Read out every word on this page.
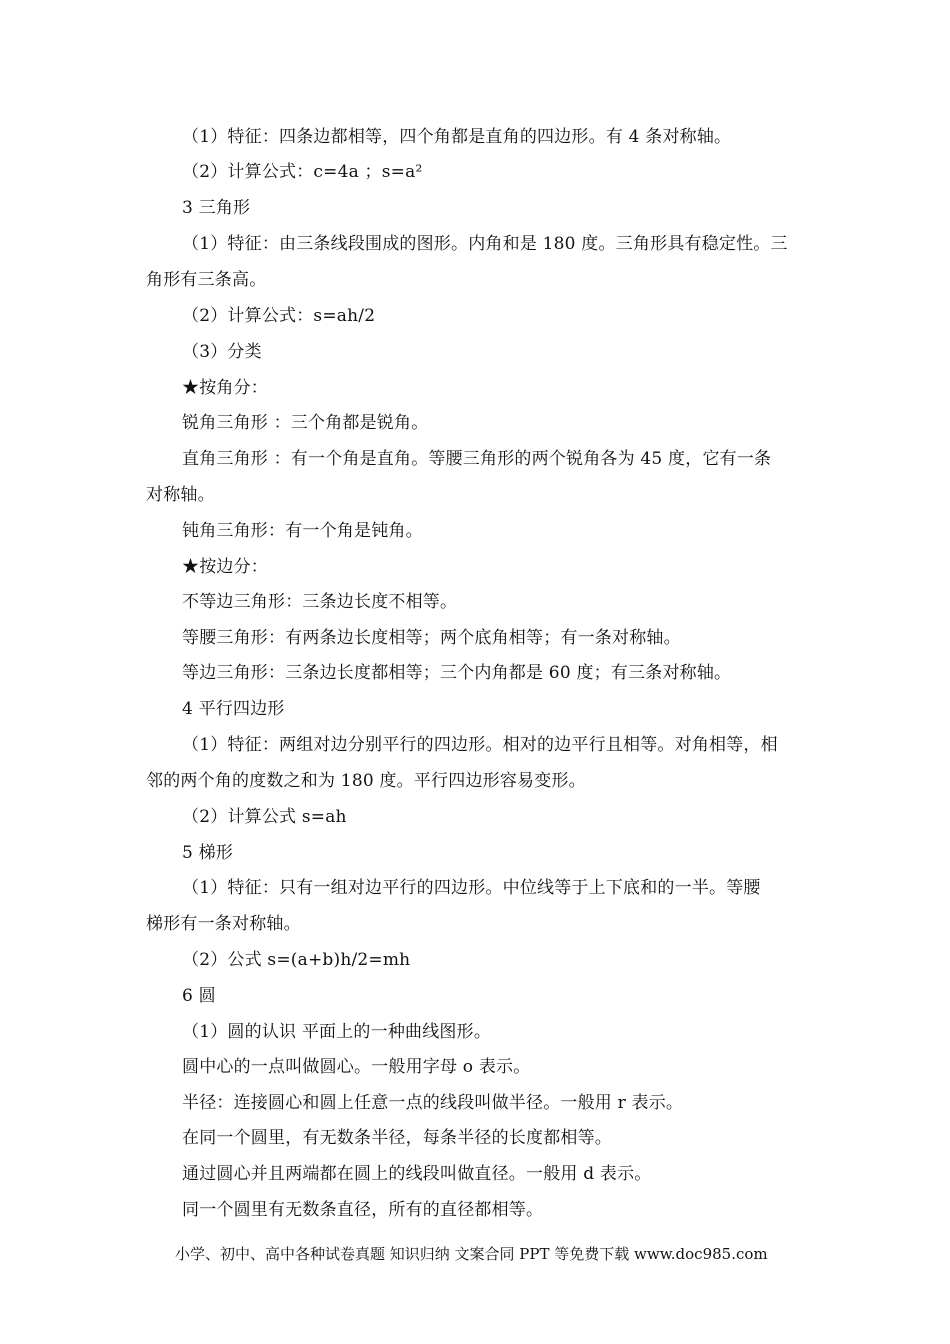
（1）特征：四条边都相等，四个角都是直角的四边形。有 4 条对称轴。
（2）计算公式：c=4a ；s=a²
3 三角形
（1）特征：由三条线段围成的图形。内角和是 180 度。三角形具有稳定性。三
角形有三条高。
（2）计算公式：s=ah/2
（3）分类
★按角分：
锐角三角形 ：三个角都是锐角。
直角三角形 ：有一个角是直角。等腰三角形的两个锐角各为 45 度，它有一条
对称轴。
钝角三角形：有一个角是钝角。
★按边分：
不等边三角形：三条边长度不相等。
等腰三角形：有两条边长度相等；两个底角相等；有一条对称轴。
等边三角形：三条边长度都相等；三个内角都是 60 度；有三条对称轴。
4 平行四边形
（1）特征：两组对边分别平行的四边形。相对的边平行且相等。对角相等，相
邻的两个角的度数之和为 180 度。平行四边形容易变形。
（2）计算公式 s=ah
5 梯形
（1）特征：只有一组对边平行的四边形。中位线等于上下底和的一半。等腰
梯形有一条对称轴。
（2）公式 s=(a+b)h/2=mh
6 圆
（1）圆的认识 平面上的一种曲线图形。
圆中心的一点叫做圆心。一般用字母 o 表示。
半径：连接圆心和圆上任意一点的线段叫做半径。一般用 r 表示。
在同一个圆里，有无数条半径，每条半径的长度都相等。
通过圆心并且两端都在圆上的线段叫做直径。一般用 d 表示。
同一个圆里有无数条直径，所有的直径都相等。
小学、初中、高中各种试卷真题 知识归纳 文案合同 PPT 等免费下载 www.doc985.com
